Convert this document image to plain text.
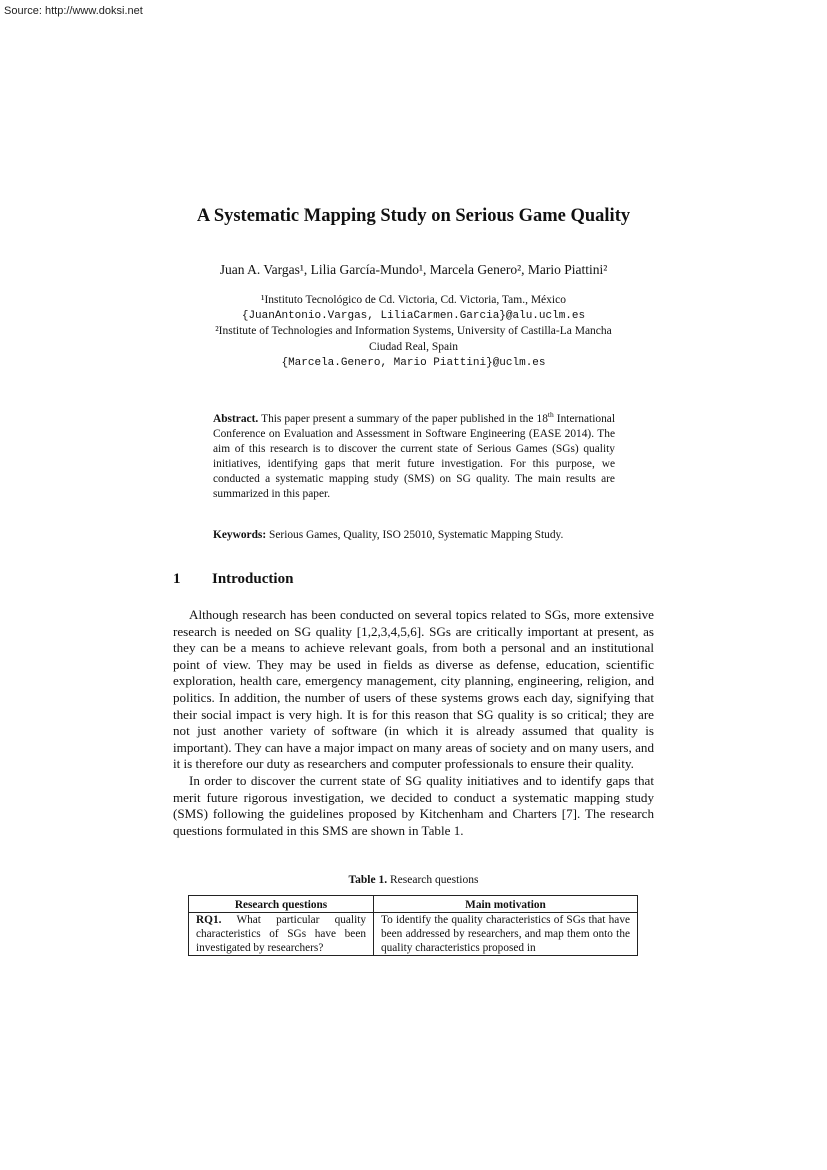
Source: http://www.doksi.net
A Systematic Mapping Study on Serious Game Quality
Juan A. Vargas¹, Lilia García-Mundo¹, Marcela Genero², Mario Piattini²
¹Instituto Tecnológico de Cd. Victoria, Cd. Victoria, Tam., México
{JuanAntonio.Vargas, LiliaCarmen.Garcia}@alu.uclm.es
²Institute of Technologies and Information Systems, University of Castilla-La Mancha
Ciudad Real, Spain
{Marcela.Genero, Mario Piattini}@uclm.es
Abstract. This paper present a summary of the paper published in the 18th International Conference on Evaluation and Assessment in Software Engineering (EASE 2014). The aim of this research is to discover the current state of Serious Games (SGs) quality initiatives, identifying gaps that merit future investigation. For this purpose, we conducted a systematic mapping study (SMS) on SG quality. The main results are summarized in this paper.
Keywords: Serious Games, Quality, ISO 25010, Systematic Mapping Study.
1 Introduction

Although research has been conducted on several topics related to SGs, more extensive research is needed on SG quality [1,2,3,4,5,6]. SGs are critically important at present, as they can be a means to achieve relevant goals, from both a personal and an institutional point of view. They may be used in fields as diverse as defense, education, scientific exploration, health care, emergency management, city planning, engineering, religion, and politics. In addition, the number of users of these systems grows each day, signifying that their social impact is very high. It is for this reason that SG quality is so critical; they are not just another variety of software (in which it is already assumed that quality is important). They can have a major impact on many areas of society and on many users, and it is therefore our duty as researchers and computer professionals to ensure their quality.

In order to discover the current state of SG quality initiatives and to identify gaps that merit future rigorous investigation, we decided to conduct a systematic mapping study (SMS) following the guidelines proposed by Kitchenham and Charters [7]. The research questions formulated in this SMS are shown in Table 1.

Table 1. Research questions
Research questions	Main motivation
RQ1. What particular quality characteristics of SGs have been investigated by researchers?	To identify the quality characteristics of SGs that have been addressed by researchers, and map them onto the quality characteristics proposed in
